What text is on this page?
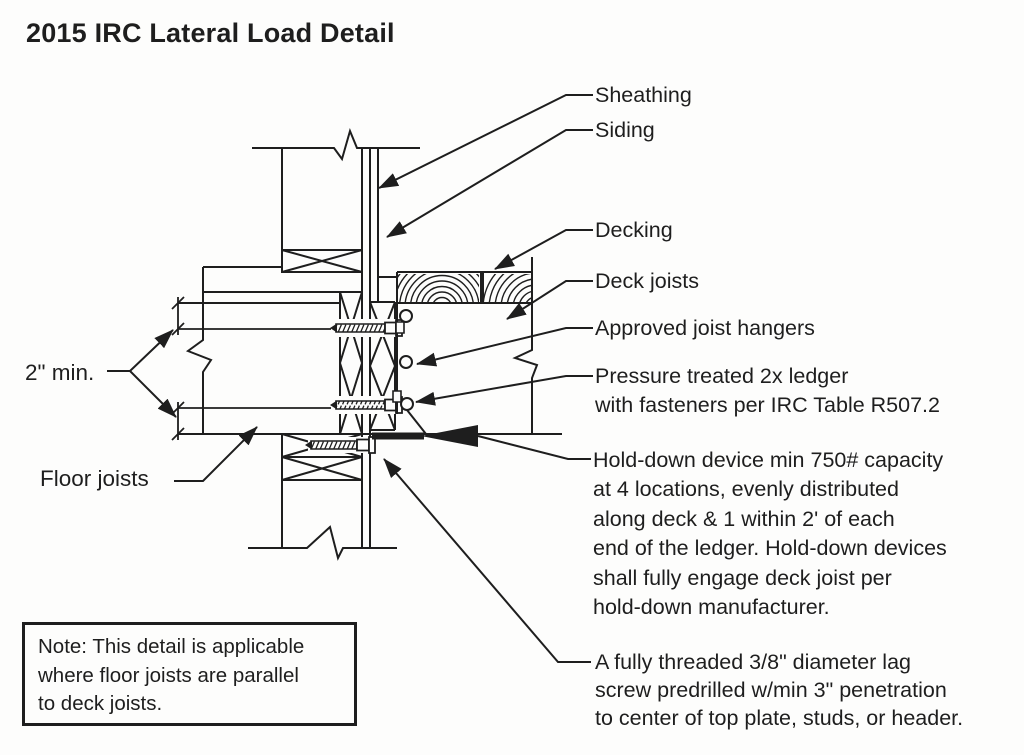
2015 IRC Lateral Load Detail
Sheathing
Siding
Decking
Deck joists
Approved joist hangers
Pressure treated 2x ledger
with fasteners per IRC Table R507.2
Hold-down device min 750# capacity
at 4 locations, evenly distributed
along deck & 1 within 2' of each
end of the ledger. Hold-down devices
shall fully engage deck joist per
hold-down manufacturer.
A fully threaded 3/8" diameter lag
screw predrilled w/min 3" penetration
to center of top plate, studs, or header.
2" min.
Floor joists
Note: This detail is applicable
where floor joists are parallel
to deck joists.
